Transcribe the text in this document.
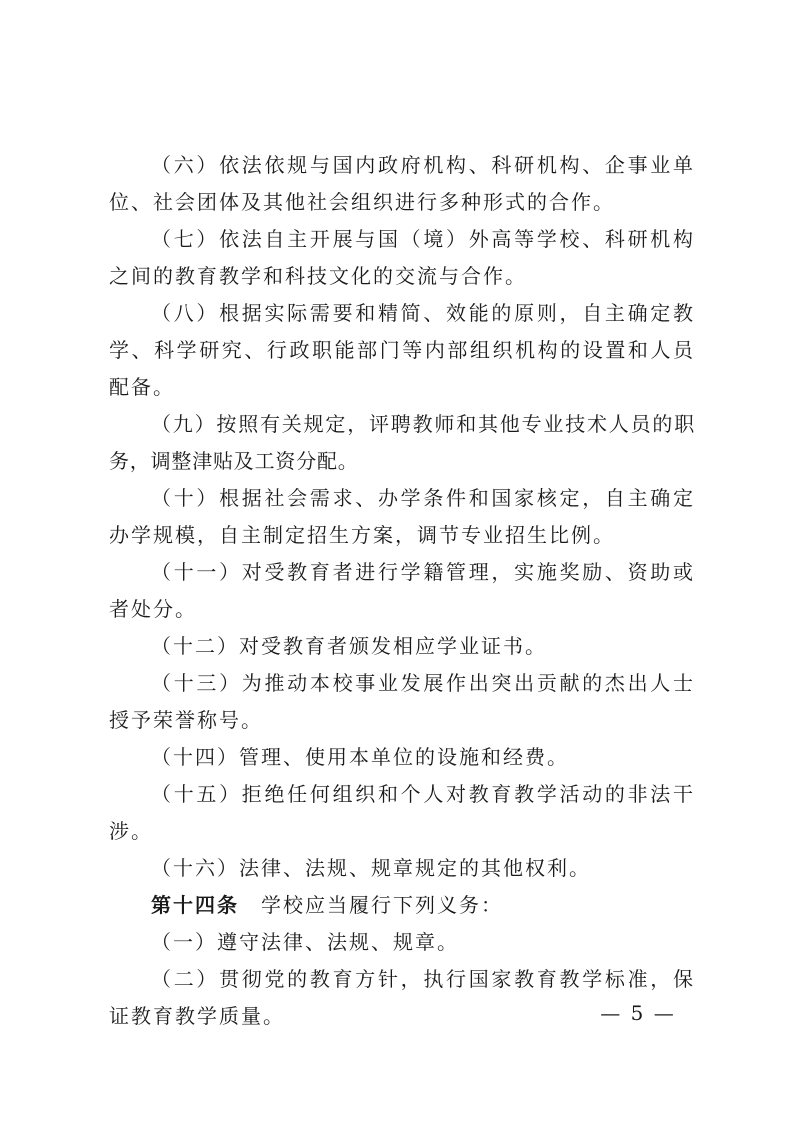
（六）依法依规与国内政府机构、科研机构、企事业单位、社会团体及其他社会组织进行多种形式的合作。

（七）依法自主开展与国（境）外高等学校、科研机构之间的教育教学和科技文化的交流与合作。

（八）根据实际需要和精简、效能的原则，自主确定教学、科学研究、行政职能部门等内部组织机构的设置和人员配备。

（九）按照有关规定，评聘教师和其他专业技术人员的职务，调整津贴及工资分配。

（十）根据社会需求、办学条件和国家核定，自主确定办学规模，自主制定招生方案，调节专业招生比例。

（十一）对受教育者进行学籍管理，实施奖励、资助或者处分。

（十二）对受教育者颁发相应学业证书。

（十三）为推动本校事业发展作出突出贡献的杰出人士授予荣誉称号。

（十四）管理、使用本单位的设施和经费。

（十五）拒绝任何组织和个人对教育教学活动的非法干涉。

（十六）法律、法规、规章规定的其他权利。

第十四条　 学校应当履行下列义务：

（一）遵守法律、法规、规章。

（二）贯彻党的教育方针，执行国家教育教学标准，保证教育教学质量。	— 5 —
